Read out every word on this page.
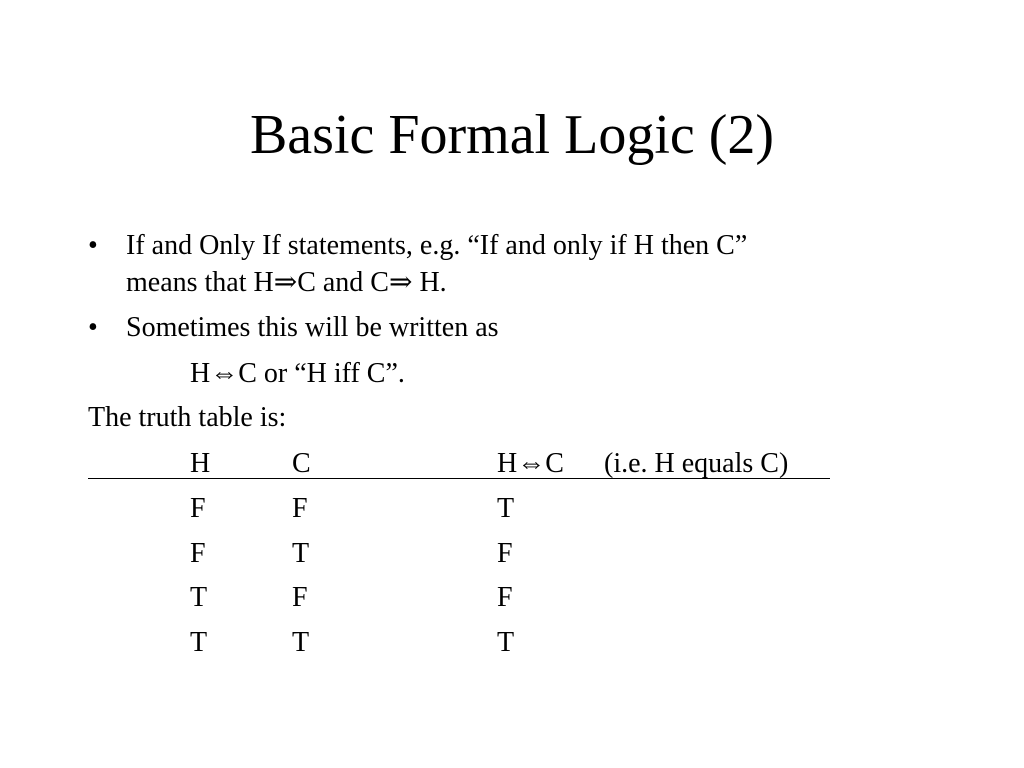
Basic Formal Logic (2)
• If and Only If statements, e.g. “If and only if H then C”
means that H⇒C and C⇒ H.
• Sometimes this will be written as
H⇔C or “H iff C”.
The truth table is:
H	C	H⇔C (i.e. H equals C)
F	F	T
F	T	F
T	F	F
T	T	T
